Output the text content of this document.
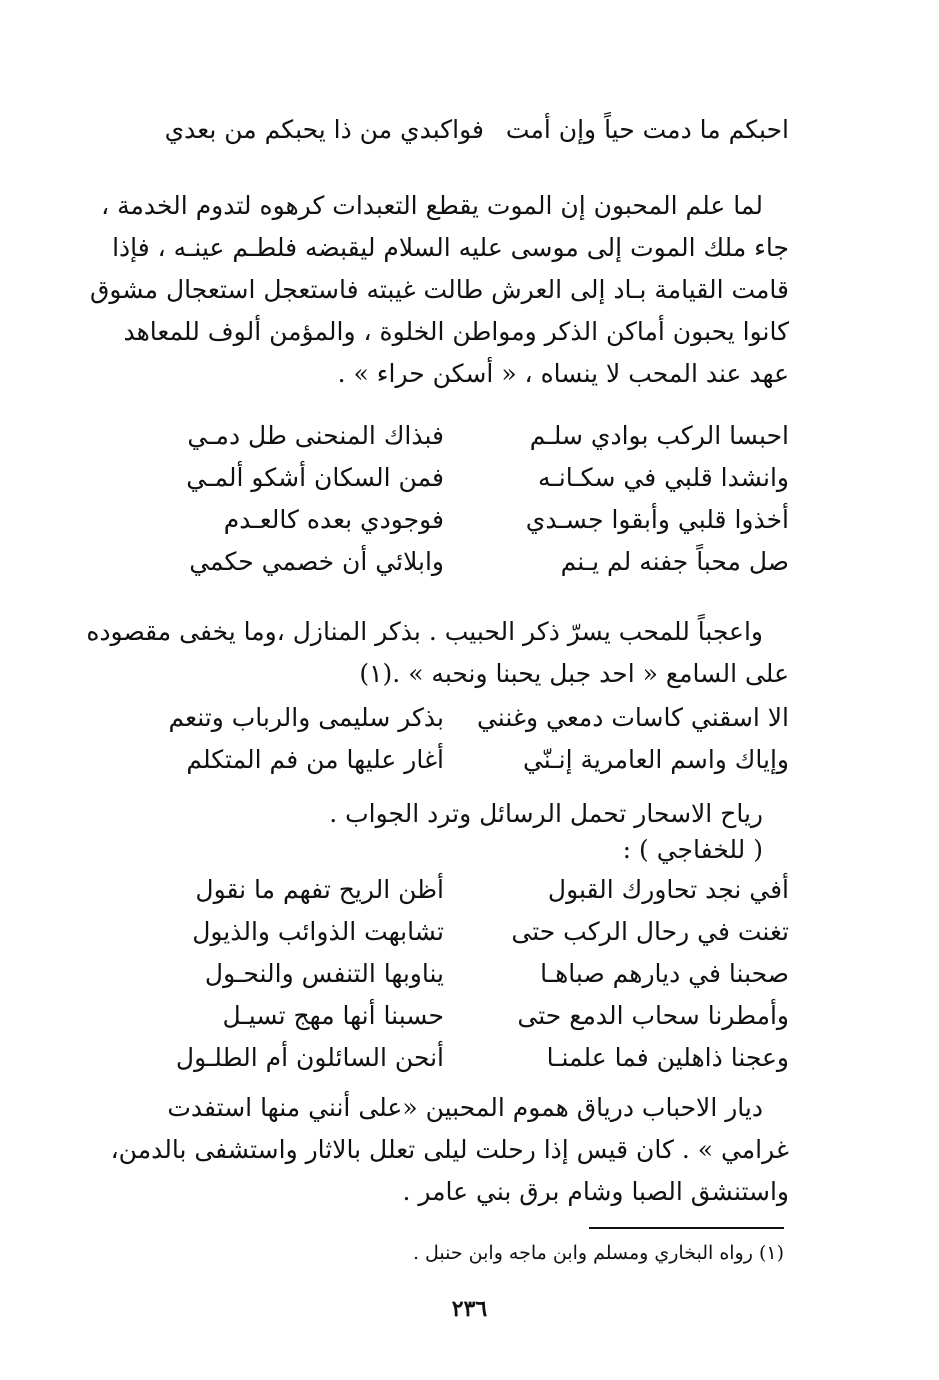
احبكم ما دمت حياً وإن أمت
فواكبدي من ذا يحبكم من بعدي
لما علم المحبون إن الموت يقطع التعبدات كرهوه لتدوم الخدمة ،
جاء ملك الموت إلى موسى عليه السلام ليقبضه فلطـم عينـه ، فإذا
قامت القيامة بـاد إلى العرش طالت غيبته فاستعجل استعجال مشوق
كانوا يحبون أماكن الذكر ومواطن الخلوة ، والمؤمن ألوف للمعاهد
عهد عند المحب لا ينساه ، « أسكن حراء » .
احبسا الركب بوادي سلـم
فبذاك المنحنى طل دمـي
وانشدا قلبي في سكـانـه
فمن السكان أشكو ألمـي
أخذوا قلبي وأبقوا جسـدي
فوجودي بعده كالعـدم
صل محباً جفنه لم يـنم
وابلائي أن خصمي حكمي
واعجباً للمحب يسرّ ذكر الحبيب . بذكر المنازل ،وما يخفى مقصوده
على السامع « احد جبل يحبنا ونحبه » .(١)
الا اسقني كاسات دمعي وغنني
بذكر سليمى والرباب وتنعم
وإياك واسم العامرية إنـنّي
أغار عليها من فم المتكلم
رياح الاسحار تحمل الرسائل وترد الجواب .
( للخفاجي ) :
أفي نجد تحاورك القبول
أظن الريح تفهم ما نقول
تغنت في رحال الركب حتى
تشابهت الذوائب والذيول
صحبنا في ديارهم صباهـا
يناوبها التنفس والنحـول
وأمطرنا سحاب الدمع حتى
حسبنا أنها مهج تسيـل
وعجنا ذاهلين فما علمنـا
أنحن السائلون أم الطلـول
ديار الاحباب درياق هموم المحبين «على أنني منها استفدت
غرامي » . كان قيس إذا رحلت ليلى تعلل بالاثار واستشفى بالدمن،
واستنشق الصبا وشام برق بني عامر .
(١) رواه البخاري ومسلم وابن ماجه وابن حنبل .
٢٣٦
